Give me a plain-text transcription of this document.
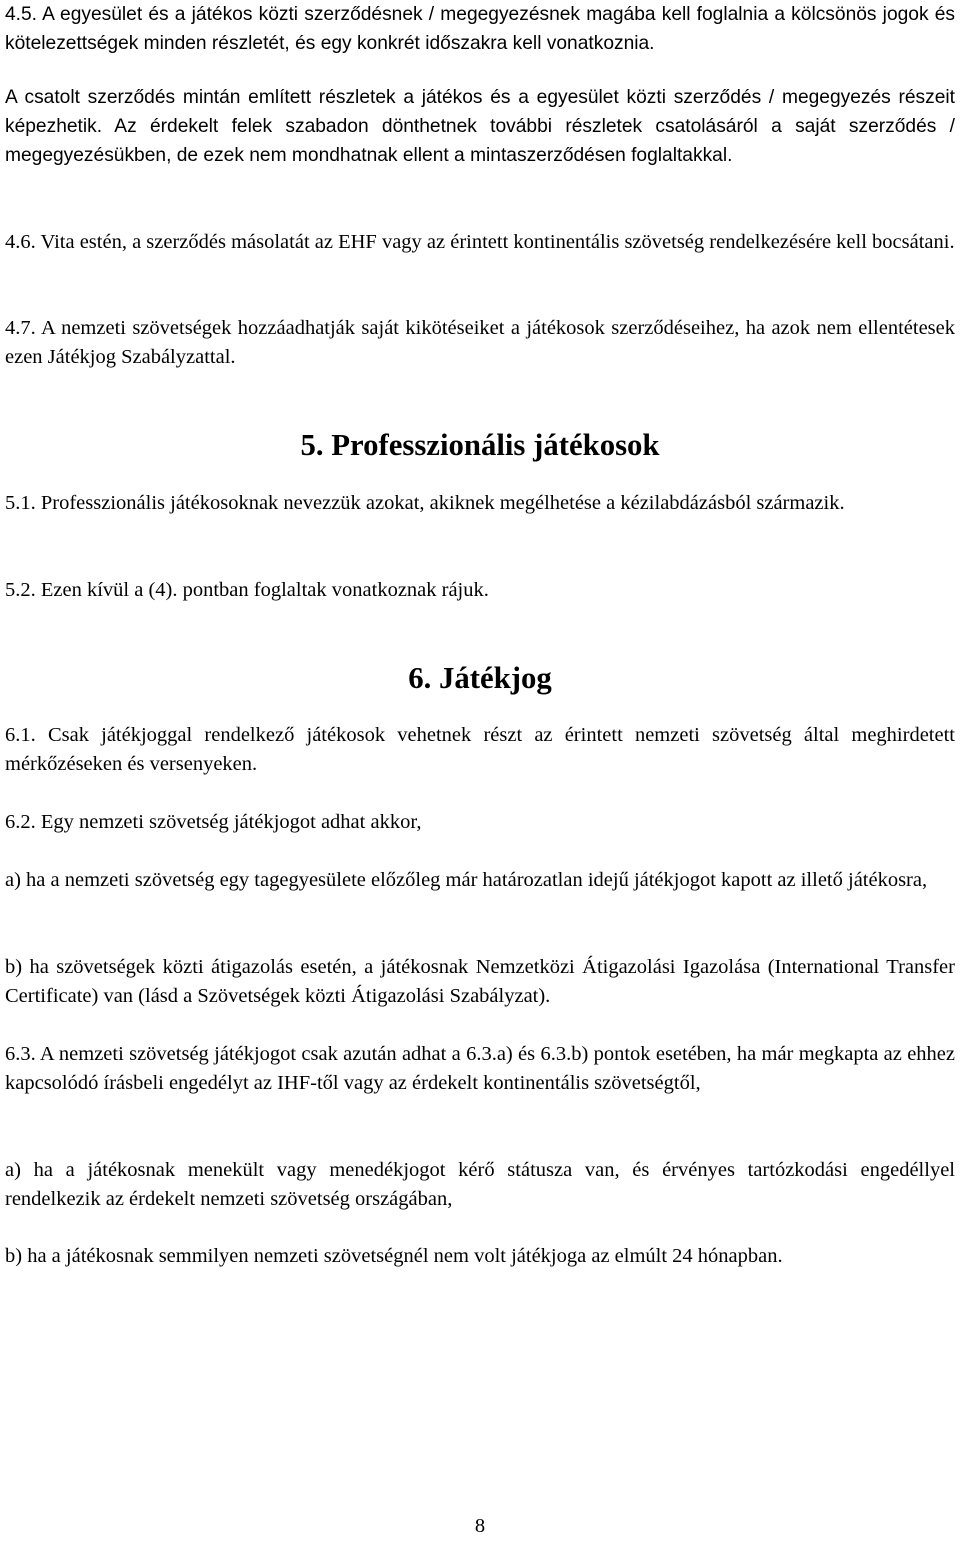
4.5. A egyesület és a játékos közti szerződésnek / megegyezésnek magába kell foglalnia a kölcsönös jogok és kötelezettségek minden részletét, és egy konkrét időszakra kell vonatkoznia.

A csatolt szerződés mintán említett részletek a játékos és a egyesület közti szerződés / megegyezés részeit képezhetik. Az érdekelt felek szabadon dönthetnek további részletek csatolásáról a saját szerződés / megegyezésükben, de ezek nem mondhatnak ellent a mintaszerződésen foglaltakkal.

4.6. Vita estén, a szerződés másolatát az EHF vagy az érintett kontinentális szövetség rendelkezésére kell bocsátani.

4.7. A nemzeti szövetségek hozzáadhatják saját kikötéseiket a játékosok szerződéseihez, ha azok nem ellentétesek ezen Játékjog Szabályzattal.

5. Professzionális játékosok

5.1. Professzionális játékosoknak nevezzük azokat, akiknek megélhetése a kézilabdázásból származik.

5.2. Ezen kívül a (4). pontban foglaltak vonatkoznak rájuk.

6. Játékjog

6.1. Csak játékjoggal rendelkező játékosok vehetnek részt az érintett nemzeti szövetség által meghirdetett mérkőzéseken és versenyeken.

6.2. Egy nemzeti szövetség játékjogot adhat akkor,

a) ha a nemzeti szövetség egy tagegyesülete előzőleg már határozatlan idejű játékjogot kapott az illető játékosra,

b) ha szövetségek közti átigazolás esetén, a játékosnak Nemzetközi Átigazolási Igazolása (International Transfer Certificate) van (lásd a Szövetségek közti Átigazolási Szabályzat).

6.3. A nemzeti szövetség játékjogot csak azután adhat a 6.3.a) és 6.3.b) pontok esetében, ha már megkapta az ehhez kapcsolódó írásbeli engedélyt az IHF-től vagy az érdekelt kontinentális szövetségtől,

a) ha a játékosnak menekült vagy menedékjogot kérő státusza van, és érvényes tartózkodási engedéllyel rendelkezik az érdekelt nemzeti szövetség országában,

b) ha a játékosnak semmilyen nemzeti szövetségnél nem volt játékjoga az elmúlt 24 hónapban.

8
